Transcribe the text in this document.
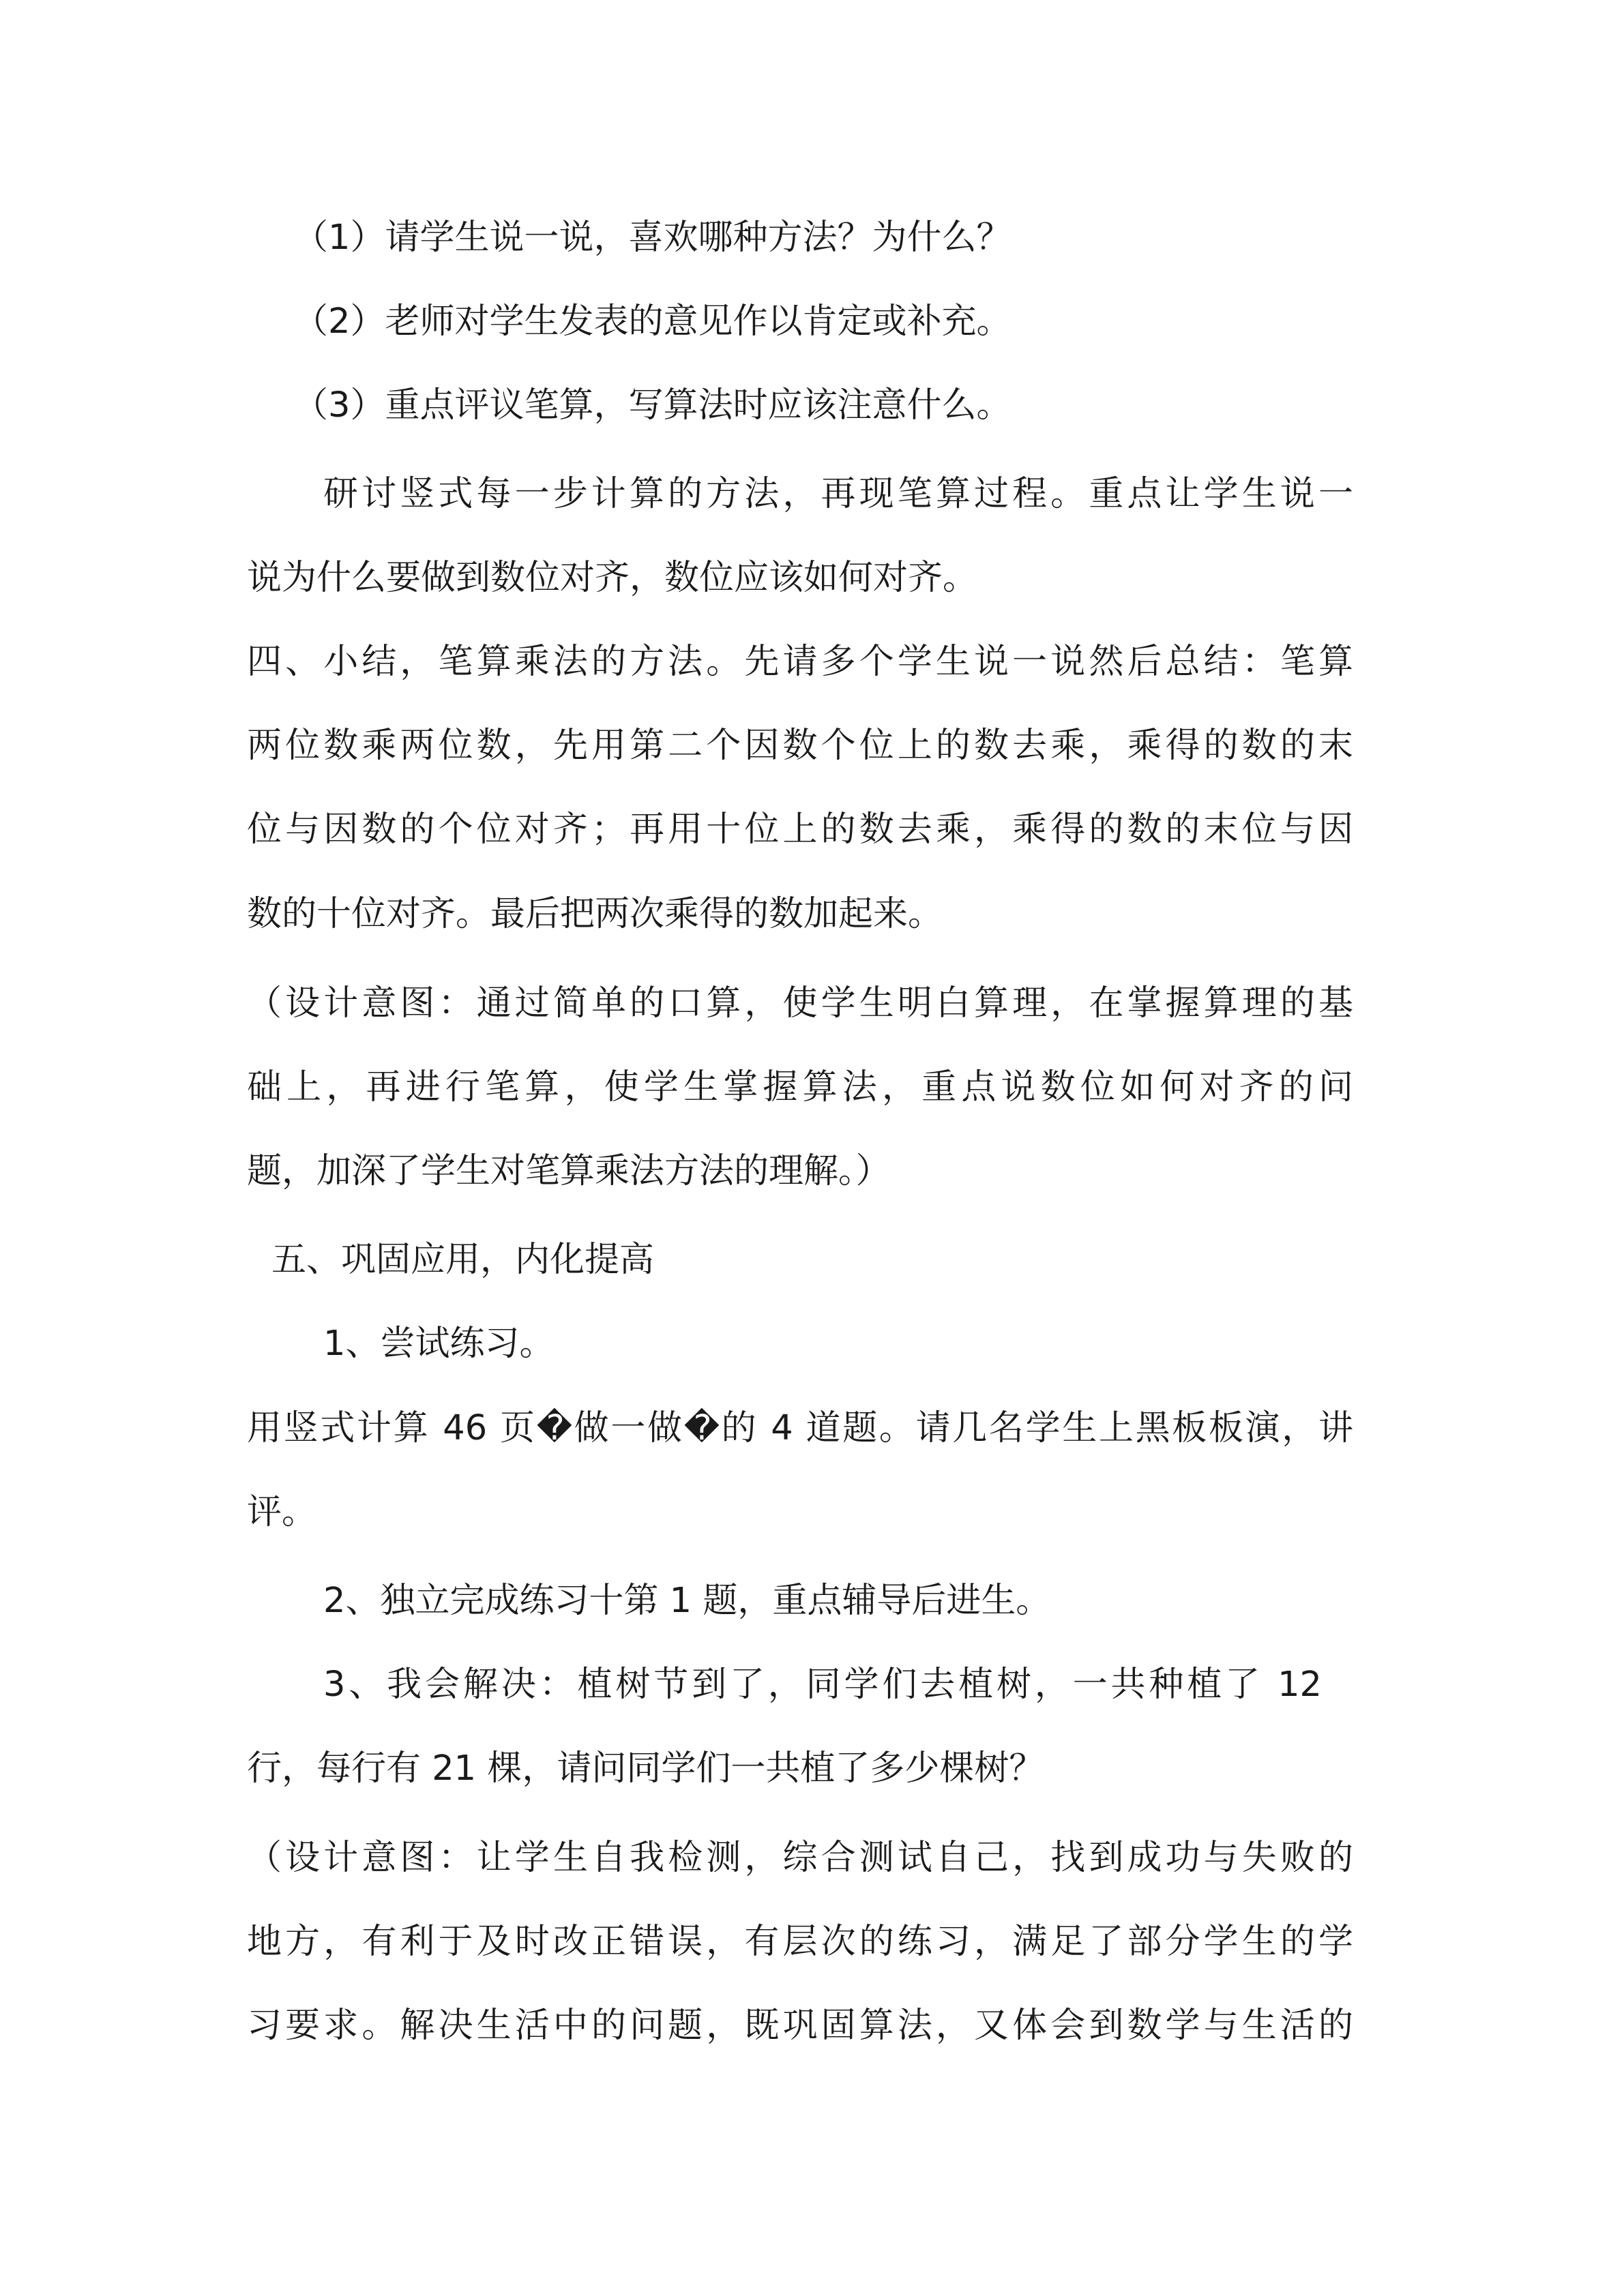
（1）请学生说一说，喜欢哪种方法？为什么？
（2）老师对学生发表的意见作以肯定或补充。
（3）重点评议笔算，写算法时应该注意什么。
研讨竖式每一步计算的方法，再现笔算过程。重点让学生说一
说为什么要做到数位对齐，数位应该如何对齐。
四、小结，笔算乘法的方法。先请多个学生说一说然后总结：笔算
两位数乘两位数，先用第二个因数个位上的数去乘，乘得的数的末
位与因数的个位对齐；再用十位上的数去乘，乘得的数的末位与因
数的十位对齐。最后把两次乘得的数加起来。
（设计意图：通过简单的口算，使学生明白算理，在掌握算理的基
础上，再进行笔算，使学生掌握算法，重点说数位如何对齐的问
题，加深了学生对笔算乘法方法的理解。）
五、巩固应用，内化提高
1、尝试练习。
用竖式计算 46 页�做一做�的 4 道题。请几名学生上黑板板演，讲
评。
2、独立完成练习十第 1 题，重点辅导后进生。
3、我会解决：植树节到了，同学们去植树，一共种植了 12
行，每行有 21 棵，请问同学们一共植了多少棵树？
（设计意图：让学生自我检测，综合测试自己，找到成功与失败的
地方，有利于及时改正错误，有层次的练习，满足了部分学生的学
习要求。解决生活中的问题，既巩固算法，又体会到数学与生活的
